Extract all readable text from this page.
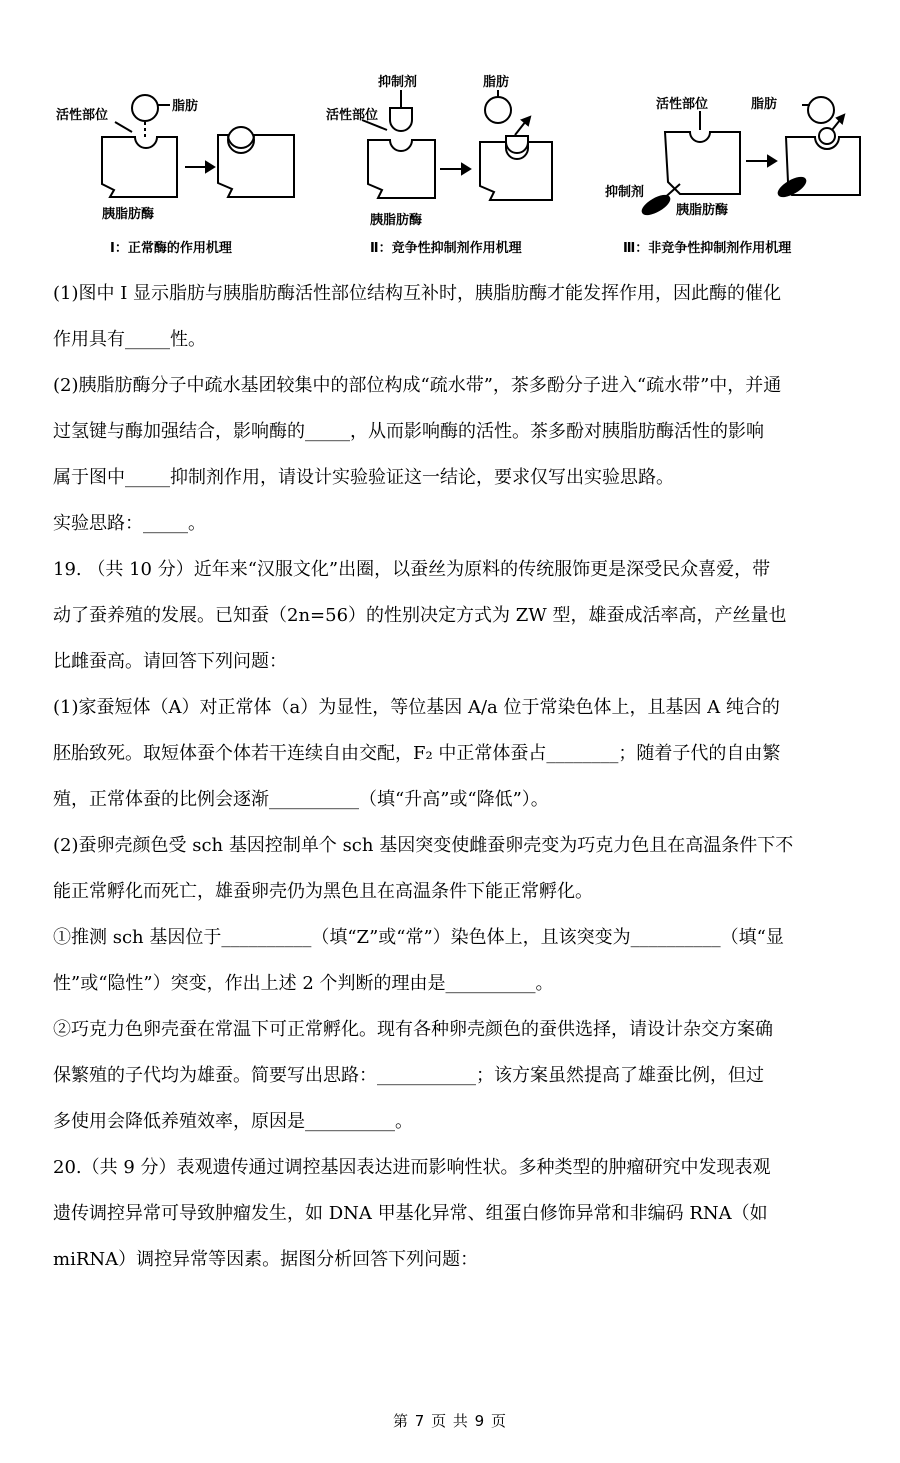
活性部位
脂肪
胰脂肪酶
Ⅰ：正常酶的作用机理
抑制剂	脂肪
活性部位
胰脂肪酶
Ⅱ：竞争性抑制剂作用机理
活性部位	脂肪
抑制剂
胰脂肪酶
Ⅲ：非竞争性抑制剂作用机理
(1)图中 I 显示脂肪与胰脂肪酶活性部位结构互补时，胰脂肪酶才能发挥作用，因此酶的催化
作用具有_____性。
(2)胰脂肪酶分子中疏水基团较集中的部位构成“疏水带”，茶多酚分子进入“疏水带”中，并通
过氢键与酶加强结合，影响酶的_____，从而影响酶的活性。茶多酚对胰脂肪酶活性的影响
属于图中_____抑制剂作用，请设计实验验证这一结论，要求仅写出实验思路。
实验思路：_____。
19. （共 10 分）近年来“汉服文化”出圈，以蚕丝为原料的传统服饰更是深受民众喜爱，带
动了蚕养殖的发展。已知蚕（2n=56）的性别决定方式为 ZW 型，雄蚕成活率高，产丝量也
比雌蚕高。请回答下列问题：
(1)家蚕短体（A）对正常体（a）为显性，等位基因 A/a 位于常染色体上，且基因 A 纯合的
胚胎致死。取短体蚕个体若干连续自由交配，F₂ 中正常体蚕占________；随着子代的自由繁
殖，正常体蚕的比例会逐渐__________（填“升高”或“降低”）。
(2)蚕卵壳颜色受 sch 基因控制单个 sch 基因突变使雌蚕卵壳变为巧克力色且在高温条件下不
能正常孵化而死亡，雄蚕卵壳仍为黑色且在高温条件下能正常孵化。
①推测 sch 基因位于__________（填“Z”或“常”）染色体上，且该突变为__________（填“显
性”或“隐性”）突变，作出上述 2 个判断的理由是__________。
②巧克力色卵壳蚕在常温下可正常孵化。现有各种卵壳颜色的蚕供选择，请设计杂交方案确
保繁殖的子代均为雄蚕。简要写出思路：___________；该方案虽然提高了雄蚕比例，但过
多使用会降低养殖效率，原因是__________。
20.（共 9 分）表观遗传通过调控基因表达进而影响性状。多种类型的肿瘤研究中发现表观
遗传调控异常可导致肿瘤发生，如 DNA 甲基化异常、组蛋白修饰异常和非编码 RNA（如
miRNA）调控异常等因素。据图分析回答下列问题：
第 7 页 共 9 页
